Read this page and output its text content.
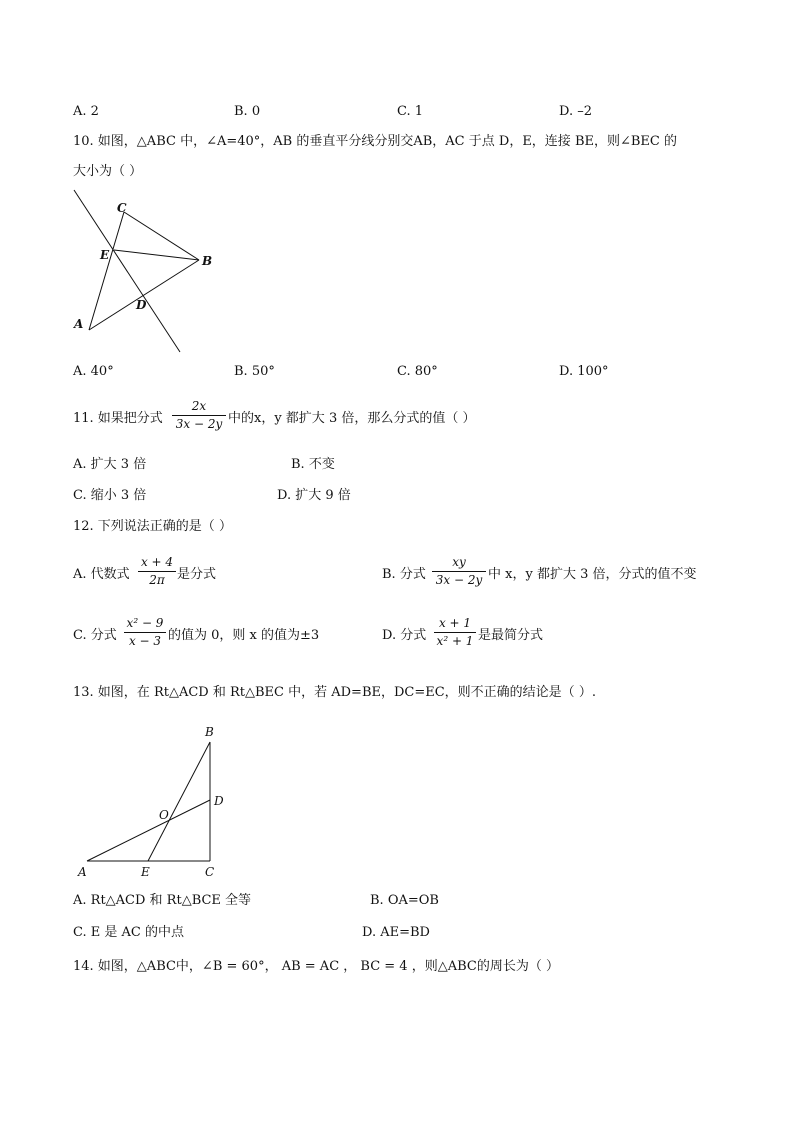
A. 2	B. 0	C. 1	D. –2
10. 如图，△ABC 中，∠A=40°，AB 的垂直平分线分别交AB，AC 于点 D，E，连接 BE，则∠BEC 的
大小为（ ）
C
E	B
D
A
A. 40°	B. 50°	C. 80°	D. 100°
11. 如果把分式
2x
3x − 2y 中的x，y 都扩大 3 倍，那么分式的值（ ）
A. 扩大 3 倍	B. 不变
C. 缩小 3 倍	D. 扩大 9 倍
12. 下列说法正确的是（ ）
A. 代数式
x + 4
2π 是分式	B. 分式
xy
3x − 2y 中 x，y 都扩大 3 倍，分式的值不变
C. 分式
x² − 9
x − 3 的值为 0，则 x 的值为±3	D. 分式
x + 1
x² + 1 是最简分式
13. 如图，在 Rt△ACD 和 Rt△BEC 中，若 AD=BE，DC=EC，则不正确的结论是（ ）.
B
D
O
A	E	C
A. Rt△ACD 和 Rt△BCE 全等	B. OA=OB
C. E 是 AC 的中点	D. AE=BD
14. 如图，△ABC中，∠B = 60°， AB = AC ， BC = 4 ，则△ABC的周长为（ ）
